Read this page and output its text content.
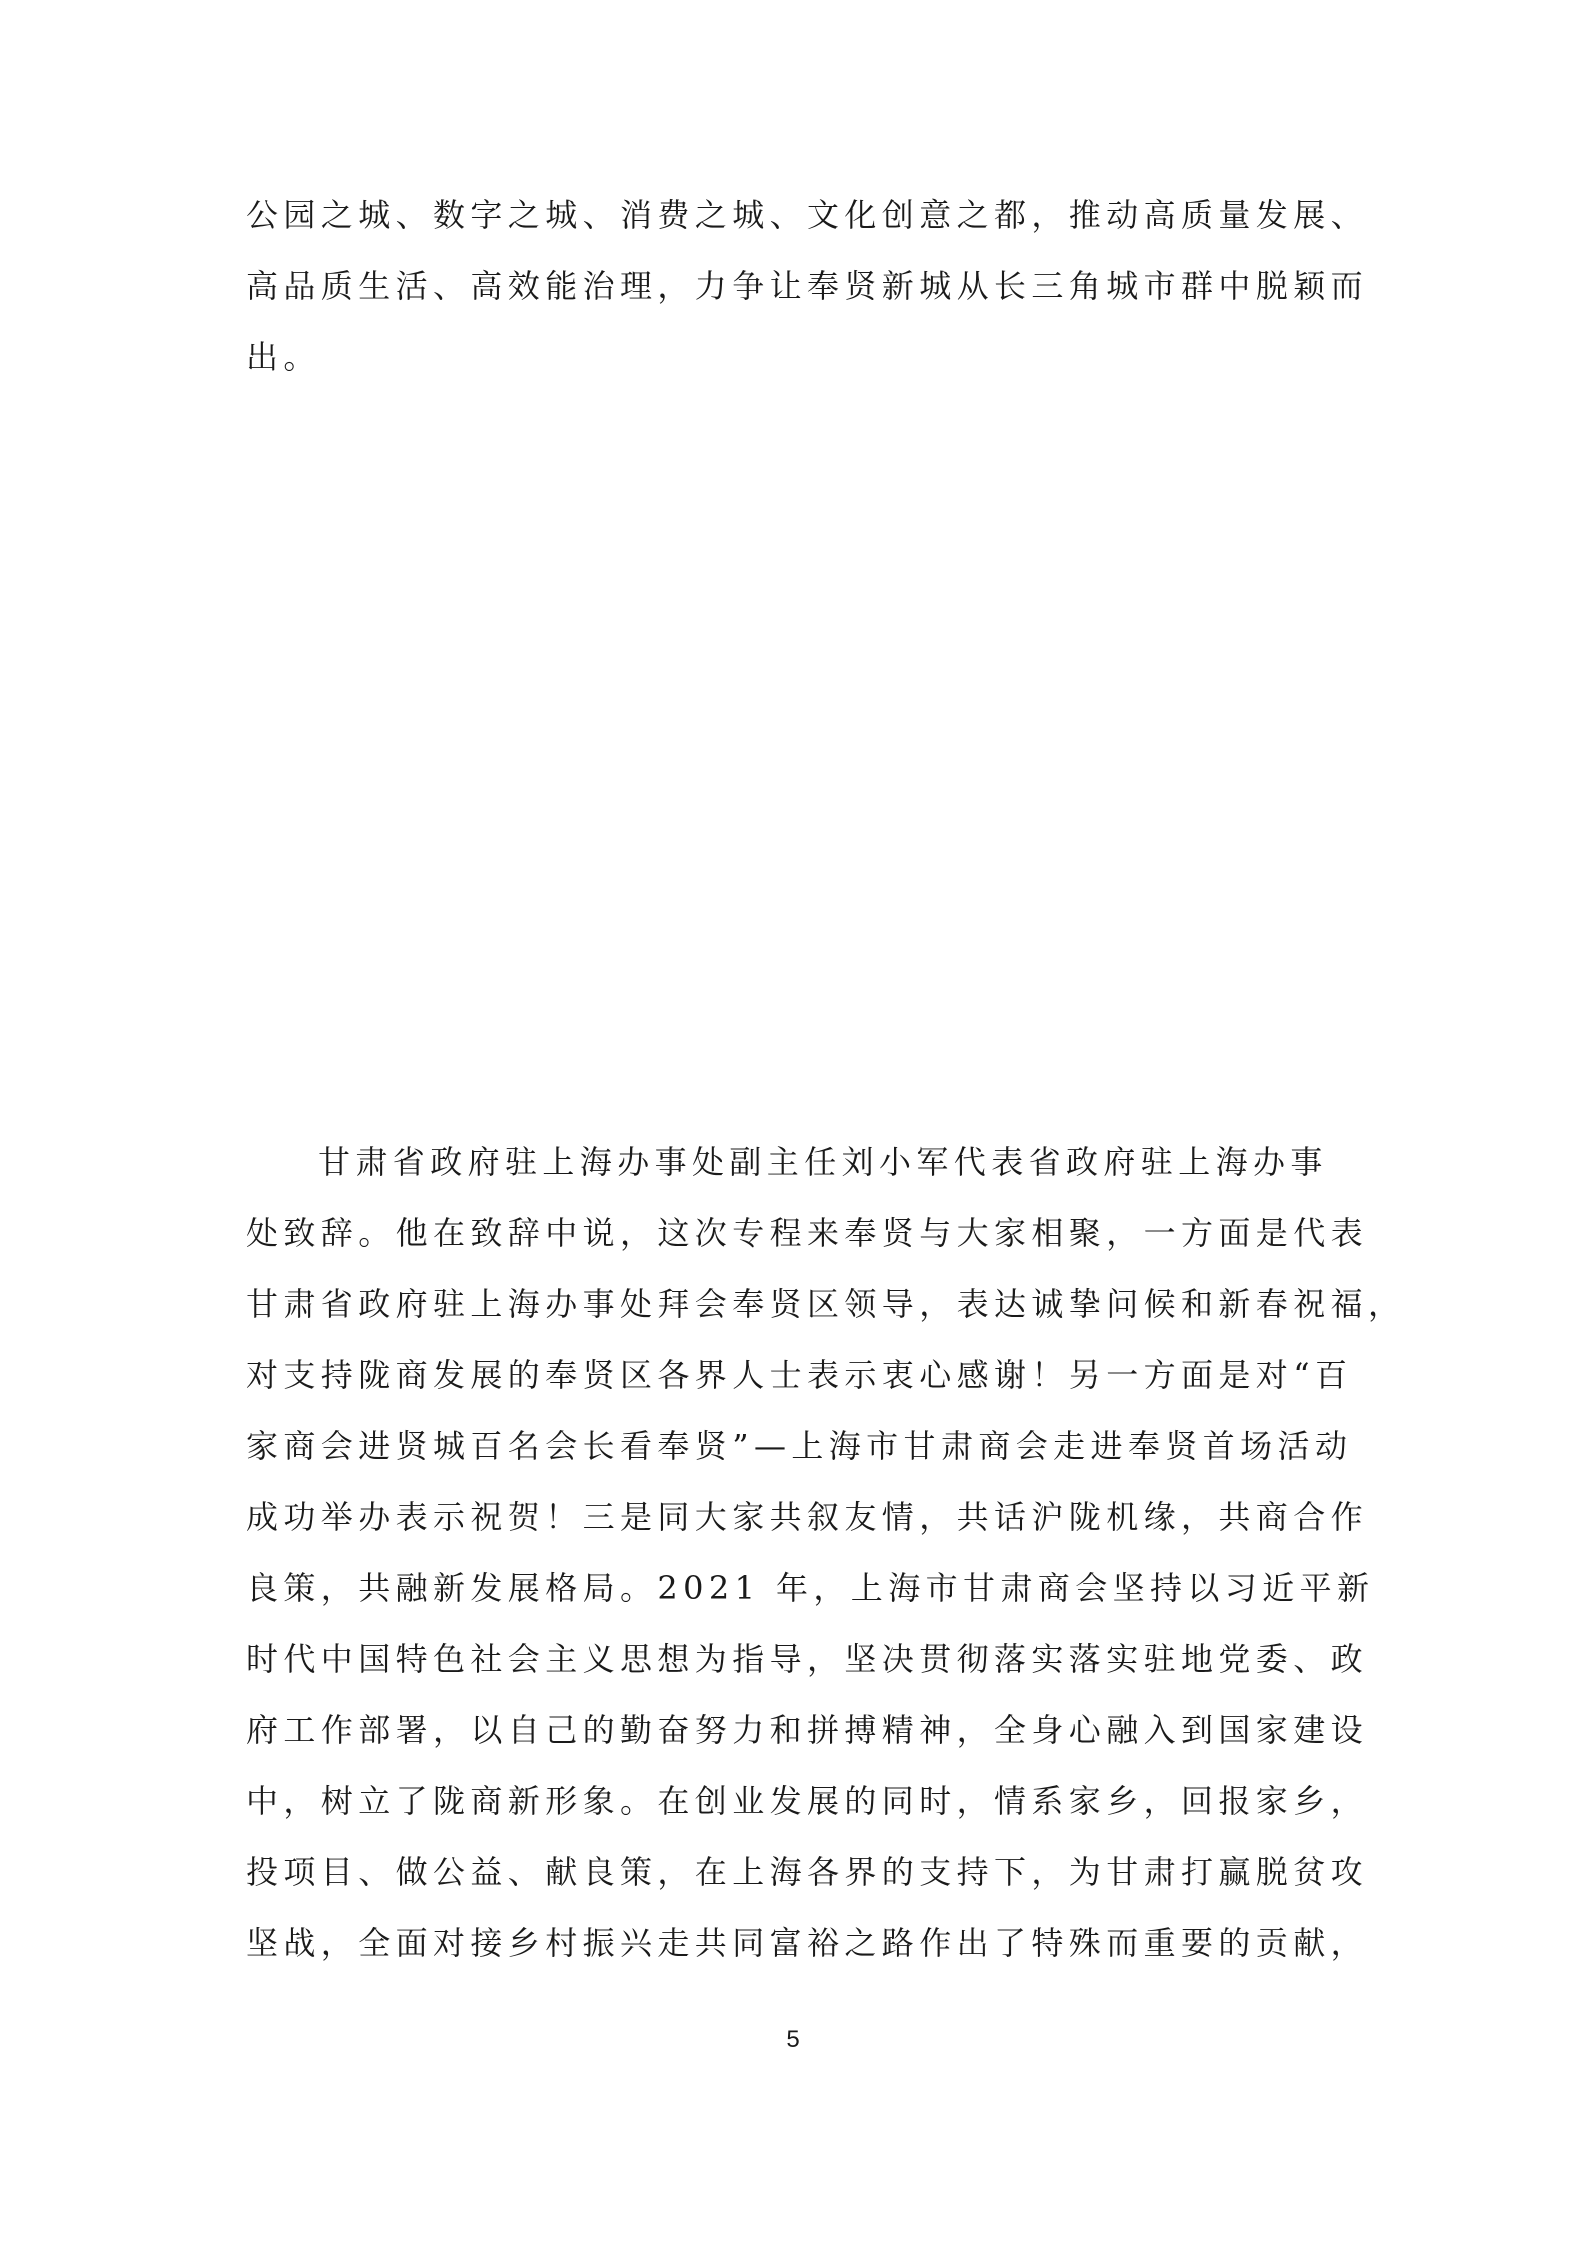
公园之城、数字之城、消费之城、文化创意之都，推动高质量发展、
高品质生活、高效能治理，力争让奉贤新城从长三角城市群中脱颖而
出。
甘肃省政府驻上海办事处副主任刘小军代表省政府驻上海办事
处致辞。他在致辞中说，这次专程来奉贤与大家相聚，一方面是代表
甘肃省政府驻上海办事处拜会奉贤区领导，表达诚挚问候和新春祝福，
对支持陇商发展的奉贤区各界人士表示衷心感谢！另一方面是对“百
家商会进贤城百名会长看奉贤”—上海市甘肃商会走进奉贤首场活动
成功举办表示祝贺！三是同大家共叙友情，共话沪陇机缘，共商合作
良策，共融新发展格局。2021 年，上海市甘肃商会坚持以习近平新
时代中国特色社会主义思想为指导，坚决贯彻落实落实驻地党委、政
府工作部署，以自己的勤奋努力和拼搏精神，全身心融入到国家建设
中，树立了陇商新形象。在创业发展的同时，情系家乡，回报家乡，
投项目、做公益、献良策，在上海各界的支持下，为甘肃打赢脱贫攻
坚战，全面对接乡村振兴走共同富裕之路作出了特殊而重要的贡献，
5
